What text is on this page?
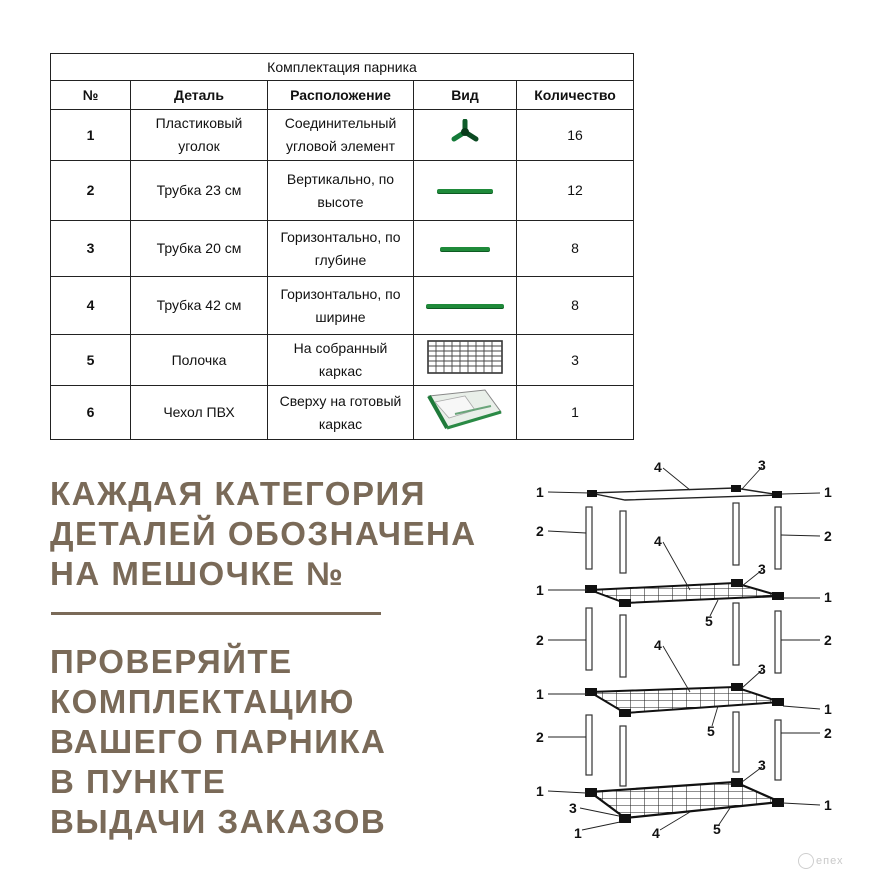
Комплектация парника				
№	Деталь	Расположение	Вид	Количество
1	Пластиковый уголок	Соединительный угловой элемент		16
2	Трубка 23 см	Вертикально, по высоте		12
3	Трубка 20 см	Горизонтально, по глубине		8
4	Трубка 42 см	Горизонтально, по ширине		8
5	Полочка	На собранный каркас		3
6	Чехол ПВХ	Сверху на готовый каркас		1
КАЖДАЯ КАТЕГОРИЯ
ДЕТАЛЕЙ ОБОЗНАЧЕНА
НА МЕШОЧКЕ №
ПРОВЕРЯЙТЕ
КОМПЛЕКТАЦИЮ
ВАШЕГО ПАРНИКА
В ПУНКТЕ
ВЫДАЧИ ЗАКАЗОВ
1	1
4	3
2	2
1	1
4
3
5
2	2
1
1
4
3
5
2	2
1
1
3
3
1	4	5
епех
